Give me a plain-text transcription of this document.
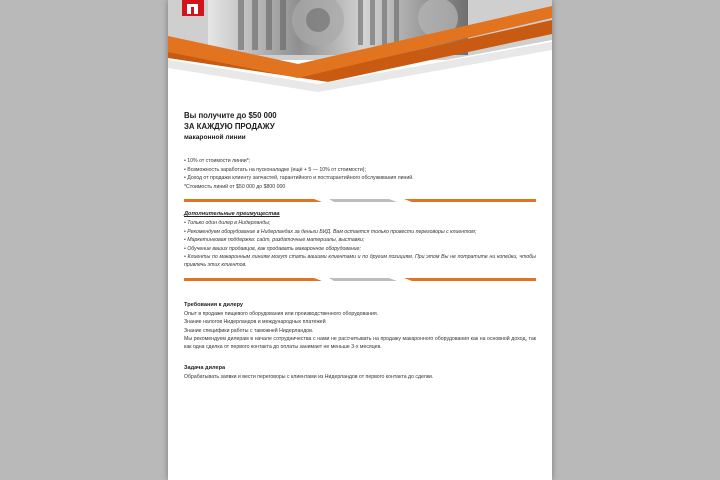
Вы получите до $50 000

ЗА КАЖДУЮ ПРОДАЖУ

макаронной линии

• 10% от стоимости линии*;
• Возможность заработать на пусконаладке (ещё + 5 — 10% от стоимости);
• Доход от продажи клиенту запчастей, гарантийного и постгарантийного обслуживания линий.
*Стоимость линий от $50 000 до $800 000
Дополнительные преимущества
• Только один дилер в Нидерланды;
• Рекомендуем оборудование в Нидерландах за деньги БИД. Вам остается только провести переговоры с клиентом;
• Маркетинговая поддержка: сайт, раздаточные материалы, выставки;
• Обучение ваших продавцов, как продавать макаронное оборудование;
• Клиенты по макаронным линиям могут стать вашими клиентами и по другим позициям. При этом Вы не потратите ни копейки, чтобы привлечь этих клиентов.
Требования к дилеру
Опыт в продаже пищевого оборудования или производственного оборудования.
Знание налогов Нидерландов и международных платежей
Знание специфики работы с таможней Нидерландов.
Мы рекомендуем дилерам в начале сотрудничества с нами не рассчитывать на продажу макаронного оборудования как на основной доход, так как одна сделка от первого контакта до оплаты занимает не меньше 3-х месяцев.
Задача дилера
Обрабатывать заявки и вести переговоры с клиентами из Нидерландов от первого контакта до сделки.
